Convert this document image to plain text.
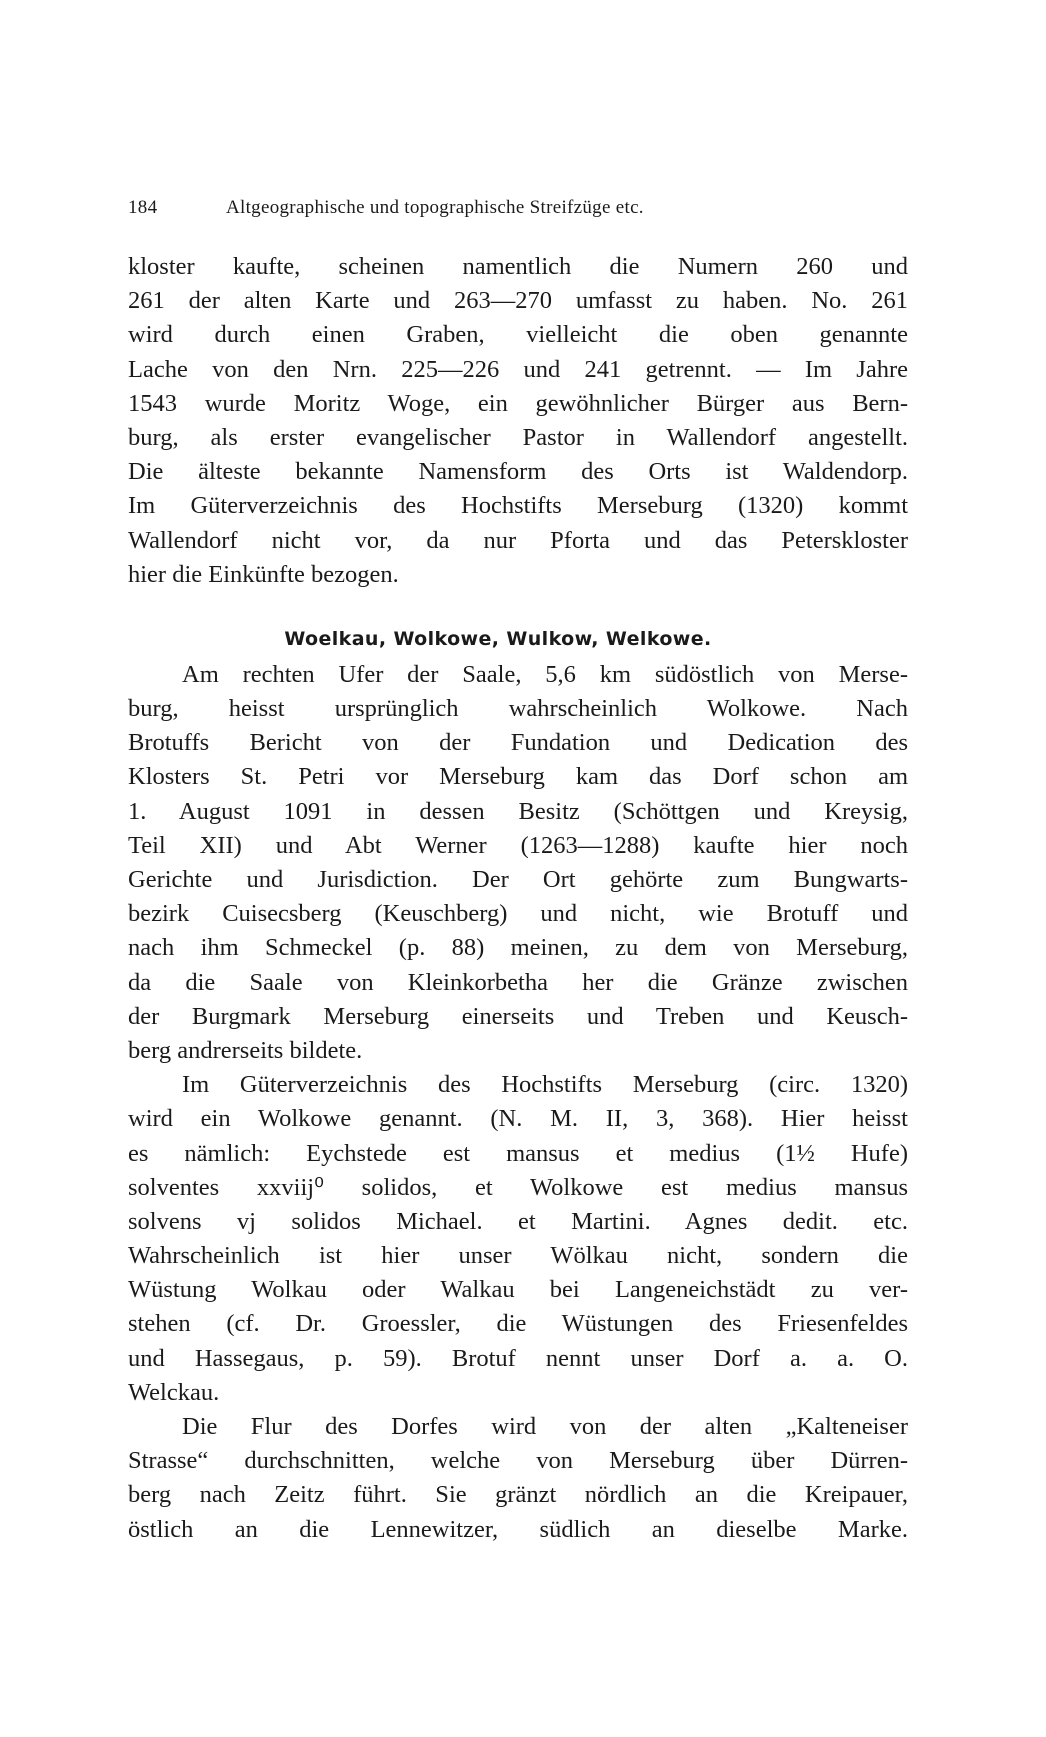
184	Altgeographische und topographische Streifzüge etc.
kloster kaufte, scheinen namentlich die Numern 260 und
261 der alten Karte und 263—270 umfasst zu haben. No. 261
wird durch einen Graben, vielleicht die oben genannte
Lache von den Nrn. 225—226 und 241 getrennt. — Im Jahre
1543 wurde Moritz Woge, ein gewöhnlicher Bürger aus Bern-
burg, als erster evangelischer Pastor in Wallendorf angestellt.
Die älteste bekannte Namensform des Orts ist Waldendorp.
Im Güterverzeichnis des Hochstifts Merseburg (1320) kommt
Wallendorf nicht vor, da nur Pforta und das Peterskloster
hier die Einkünfte bezogen.
Woelkau, Wolkowe, Wulkow, Welkowe.
Am rechten Ufer der Saale, 5,6 km südöstlich von Merse-
burg, heisst ursprünglich wahrscheinlich Wolkowe. Nach
Brotuffs Bericht von der Fundation und Dedication des
Klosters St. Petri vor Merseburg kam das Dorf schon am
1. August 1091 in dessen Besitz (Schöttgen und Kreysig,
Teil XII) und Abt Werner (1263—1288) kaufte hier noch
Gerichte und Jurisdiction. Der Ort gehörte zum Bungwarts-
bezirk Cuisecsberg (Keuschberg) und nicht, wie Brotuff und
nach ihm Schmeckel (p. 88) meinen, zu dem von Merseburg,
da die Saale von Kleinkorbetha her die Gränze zwischen
der Burgmark Merseburg einerseits und Treben und Keusch-
berg andrerseits bildete.
Im Güterverzeichnis des Hochstifts Merseburg (circ. 1320)
wird ein Wolkowe genannt. (N. M. II, 3, 368). Hier heisst
es nämlich: Eychstede est mansus et medius (1½ Hufe)
solventes xxviij⁰ solidos, et Wolkowe est medius mansus
solvens vj solidos Michael. et Martini. Agnes dedit. etc.
Wahrscheinlich ist hier unser Wölkau nicht, sondern die
Wüstung Wolkau oder Walkau bei Langeneichstädt zu ver-
stehen (cf. Dr. Groessler, die Wüstungen des Friesenfeldes
und Hassegaus, p. 59). Brotuf nennt unser Dorf a. a. O.
Welckau.
Die Flur des Dorfes wird von der alten „Kalteneiser
Strasse“ durchschnitten, welche von Merseburg über Dürren-
berg nach Zeitz führt. Sie gränzt nördlich an die Kreipauer,
östlich an die Lennewitzer, südlich an dieselbe Marke.
